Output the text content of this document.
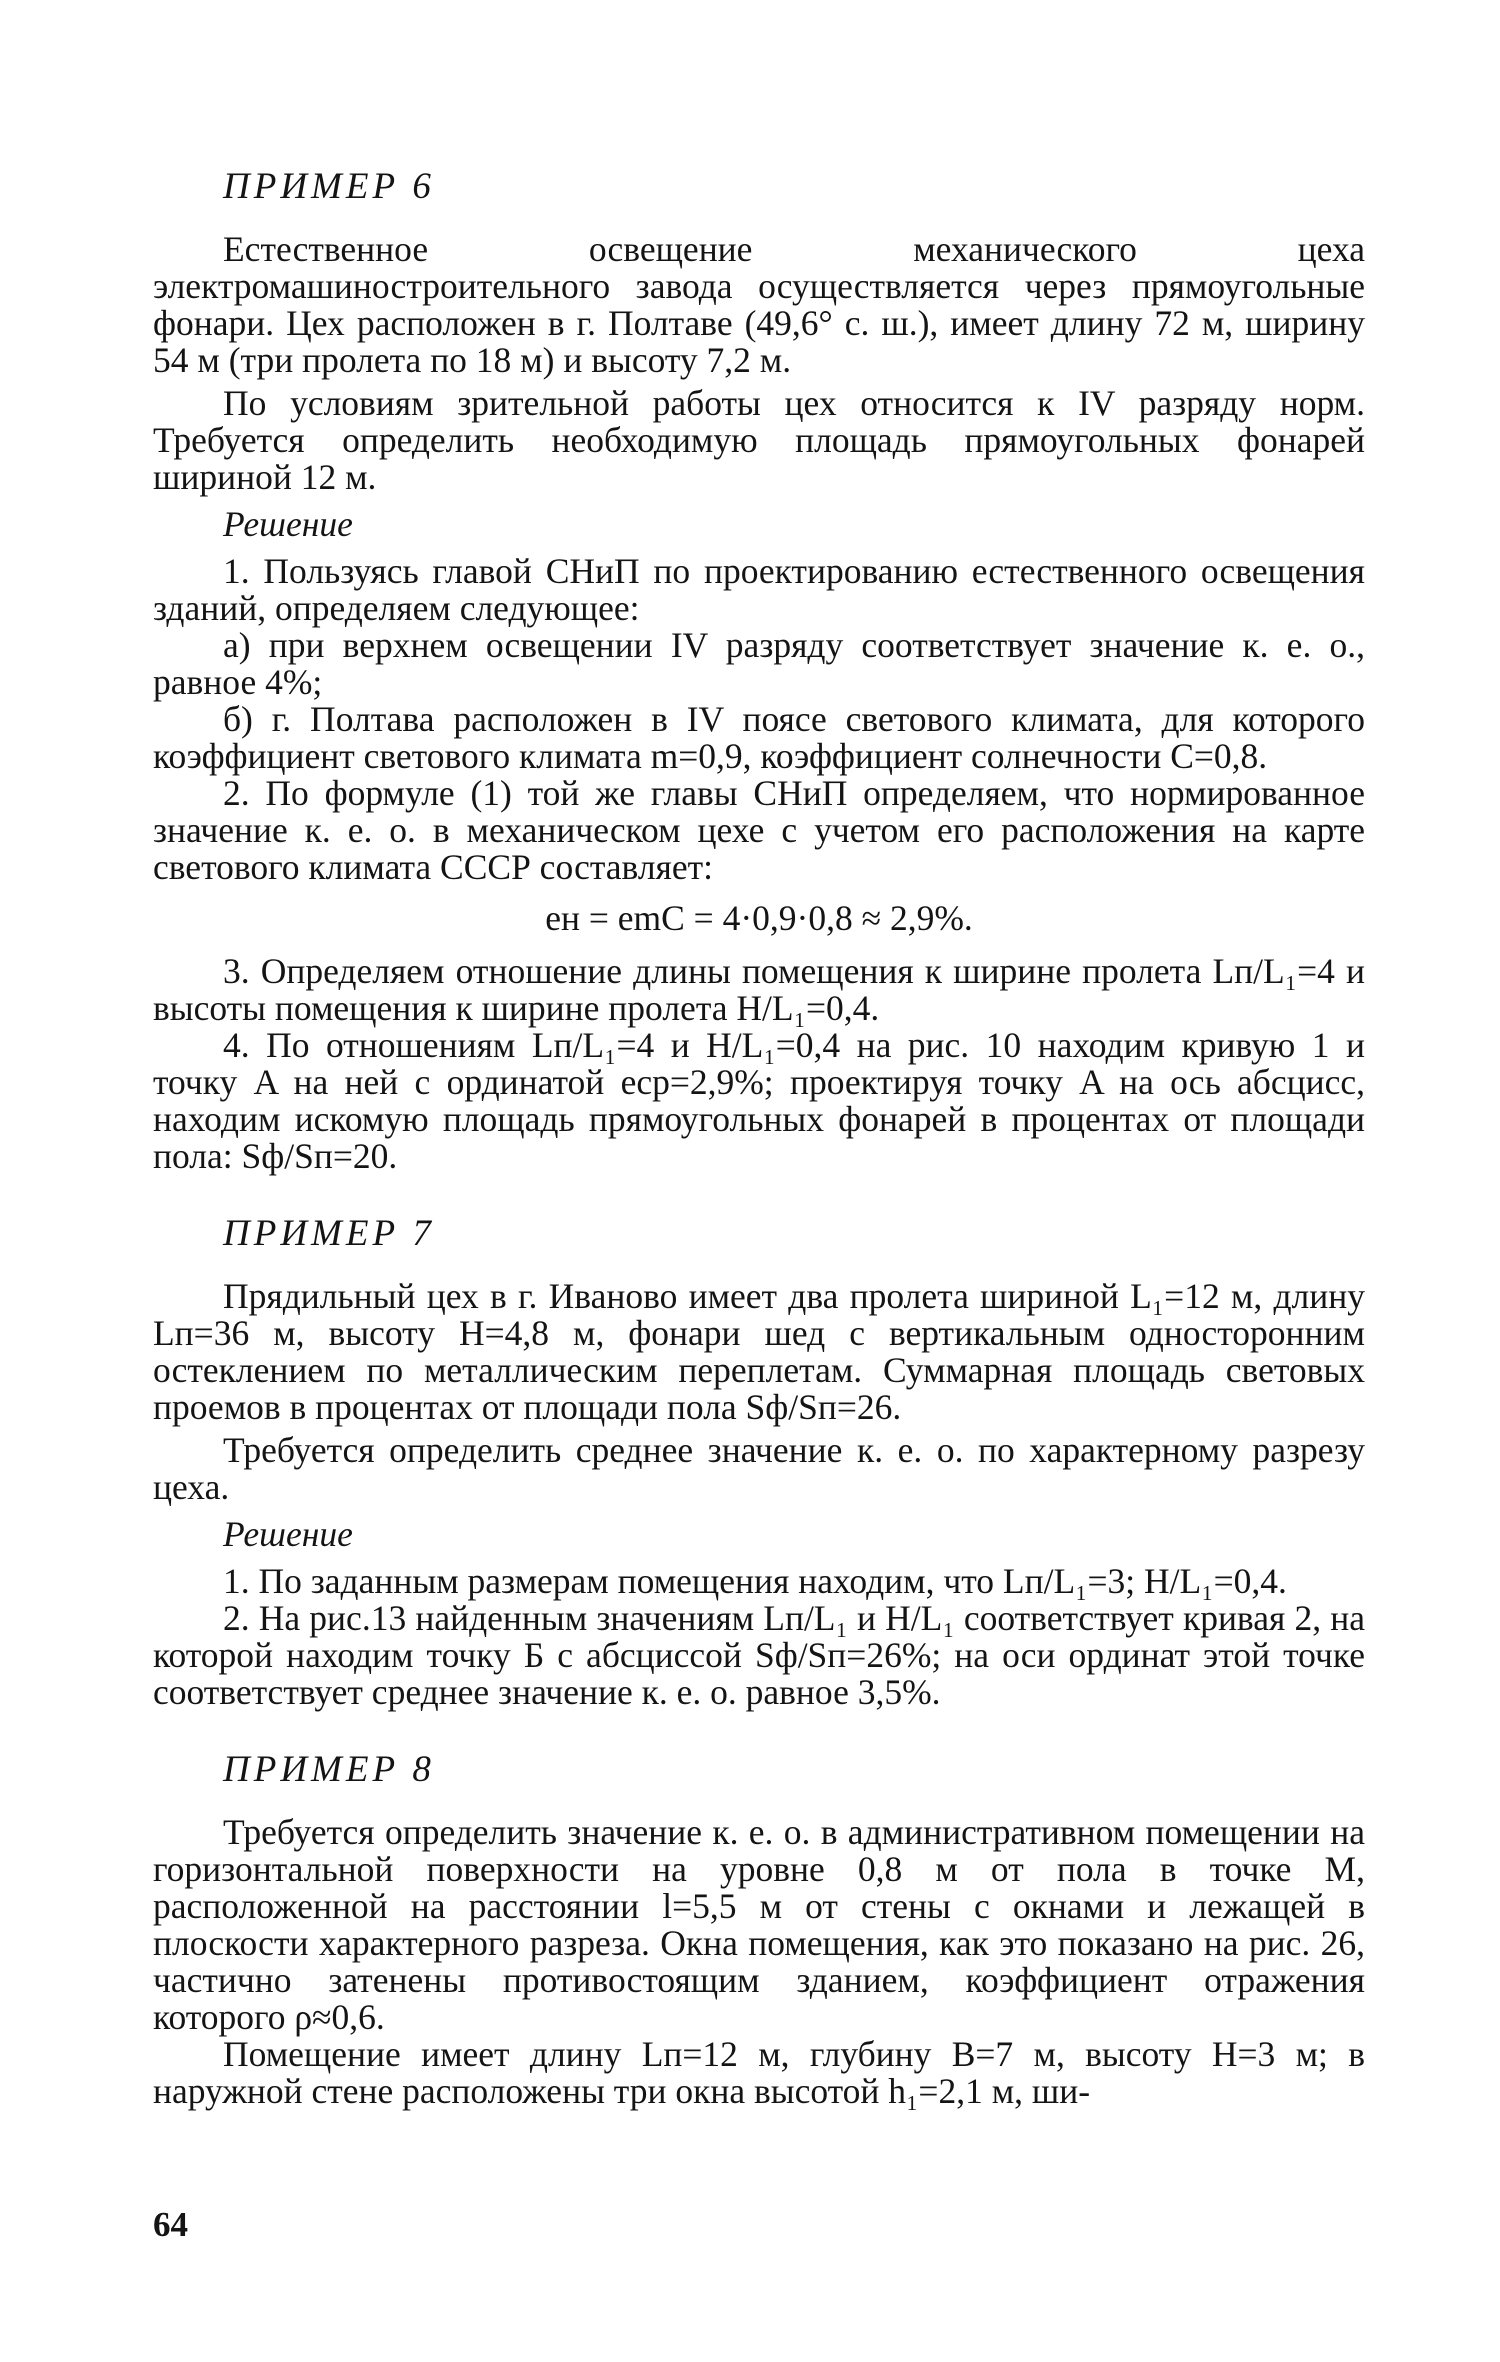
ПРИМЕР 6

Естественное освещение механического цеха электромашиностроительного завода осуществляется через прямоугольные фонари. Цех расположен в г. Полтаве (49,6° с. ш.), имеет длину 72 м, ширину 54 м (три пролета по 18 м) и высоту 7,2 м.

По условиям зрительной работы цех относится к IV разряду норм. Требуется определить необходимую площадь прямоугольных фонарей шириной 12 м.

Решение

1. Пользуясь главой СНиП по проектированию естественного освещения зданий, определяем следующее:

а) при верхнем освещении IV разряду соответствует значение к. е. о., равное 4%;

б) г. Полтава расположен в IV поясе светового климата, для которого коэффициент светового климата m=0,9, коэффициент солнечности C=0,8.

2. По формуле (1) той же главы СНиП определяем, что нормированное значение к. е. о. в механическом цехе с учетом его расположения на карте светового климата СССР составляет:

eн = emC = 4·0,9·0,8 ≈ 2,9%.

3. Определяем отношение длины помещения к ширине пролета Lп/L₁=4 и высоты помещения к ширине пролета H/L₁=0,4.

4. По отношениям Lп/L₁=4 и H/L₁=0,4 на рис. 10 находим кривую 1 и точку A на ней с ординатой eср=2,9%; проектируя точку A на ось абсцисс, находим искомую площадь прямоугольных фонарей в процентах от площади пола: Sф/Sп=20.

ПРИМЕР 7

Прядильный цех в г. Иваново имеет два пролета шириной L₁=12 м, длину Lп=36 м, высоту H=4,8 м, фонари шед с вертикальным односторонним остеклением по металлическим переплетам. Суммарная площадь световых проемов в процентах от площади пола Sф/Sп=26.

Требуется определить среднее значение к. е. о. по характерному разрезу цеха.

Решение

1. По заданным размерам помещения находим, что Lп/L₁=3; H/L₁=0,4.

2. На рис.13 найденным значениям Lп/L₁ и H/L₁ соответствует кривая 2, на которой находим точку Б с абсциссой Sф/Sп=26%; на оси ординат этой точке соответствует среднее значение к. е. о. равное 3,5%.

ПРИМЕР 8

Требуется определить значение к. е. о. в административном помещении на горизонтальной поверхности на уровне 0,8 м от пола в точке M, расположенной на расстоянии l=5,5 м от стены с окнами и лежащей в плоскости характерного разреза. Окна помещения, как это показано на рис. 26, частично затенены противостоящим зданием, коэффициент отражения которого ρ≈0,6.

Помещение имеет длину Lп=12 м, глубину B=7 м, высоту H=3 м; в наружной стене расположены три окна высотой h₁=2,1 м, ши-

64
